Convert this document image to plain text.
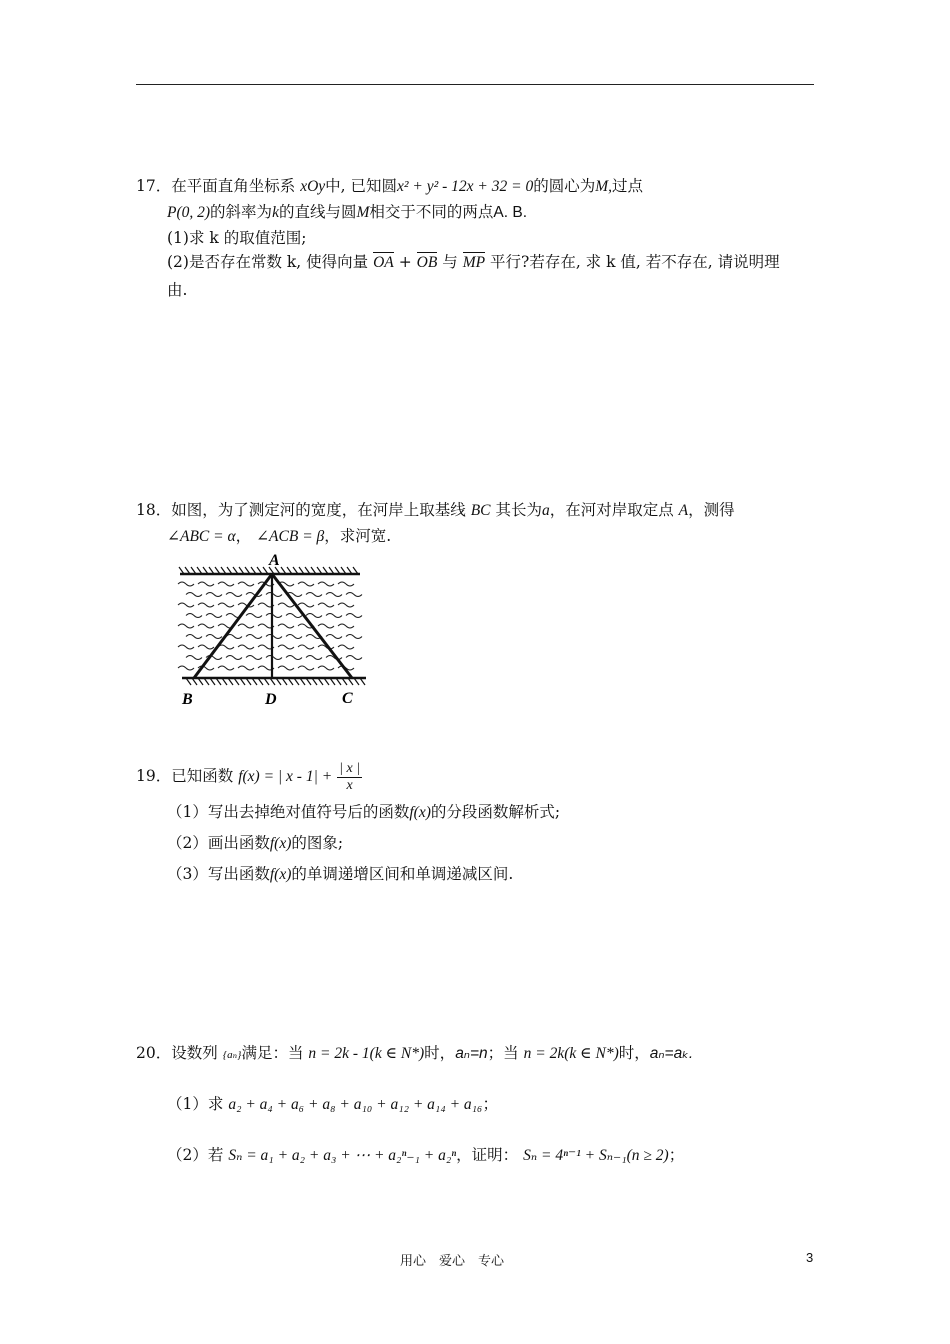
17．在平面直角坐标系 xOy中, 已知圆x² + y² - 12x + 32 = 0的圆心为M,过点
P(0, 2)的斜率为k的直线与圆M相交于不同的两点A. B.
(1)求 k 的取值范围;
(2)是否存在常数 k, 使得向量 OA + OB 与 MP 平行?若存在, 求 k 值, 若不存在, 请说明理
由.
18．如图，为了测定河的宽度，在河岸上取基线 BC 其长为a，在河对岸取定点 A，测得
∠ABC = α， ∠ACB = β，求河宽.
A
B	D	C
19．已知函数 f(x) = | $x - 1| + \frac{| x |}{x}$
（1）写出去掉绝对值符号后的函数f(x)的分段函数解析式;
（2）画出函数f(x)的图象;
（3）写出函数f(x)的单调递增区间和单调递减区间.
20．设数列 {aₙ}满足：当 n = 2k - 1(k ∈ N*)时，aₙ=n；当 n = 2k(k ∈ N*)时，aₙ=aₖ.
（1）求 a₂ + a₄ + a₆ + a₈ + a₁₀ + a₁₂ + a₁₄ + a₁₆；
（2）若 Sₙ = a₁ + a₂ + a₃ + ⋯ + a₂ⁿ₋₁ + a₂ⁿ，证明： Sₙ = 4ⁿ⁻¹ + Sₙ₋₁(n ≥ 2)；
用心　爱心　专心	3
